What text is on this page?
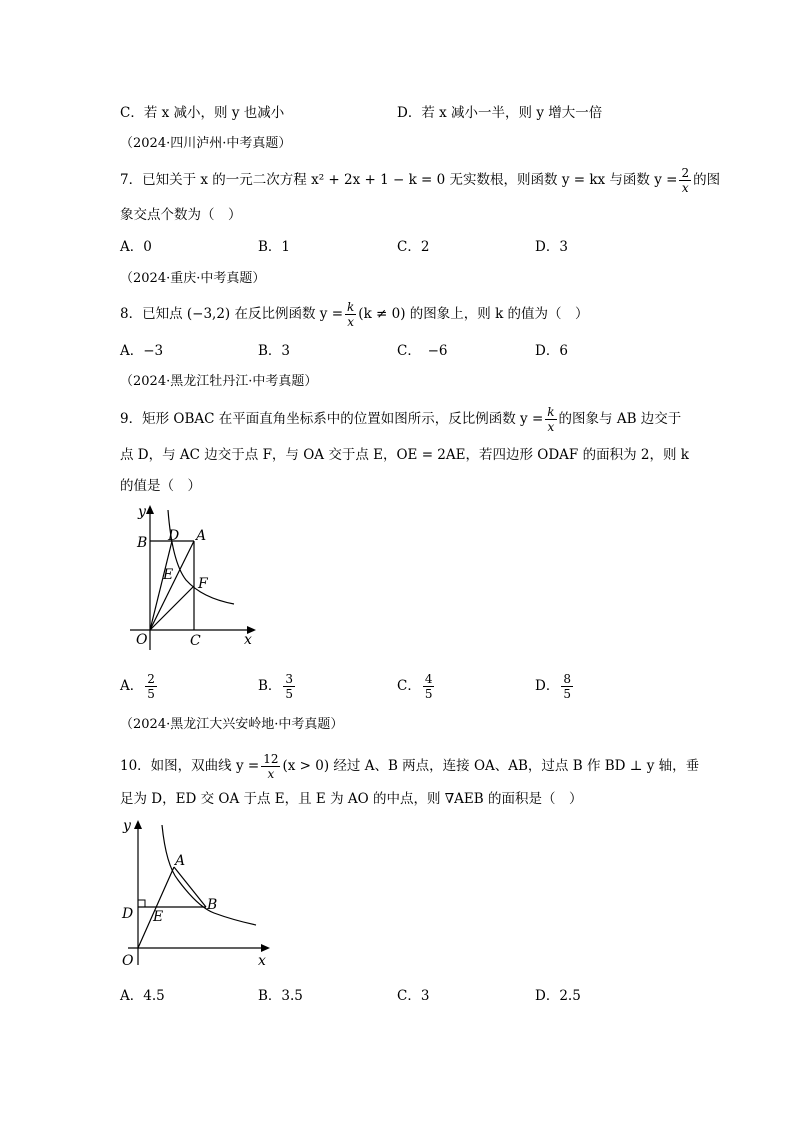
C．若 x 减小，则 y 也减小	D．若 x 减小一半，则 y 增大一倍
（2024·四川泸州·中考真题）
7．已知关于 x 的一元二次方程 x² + 2x + 1 − k = 0 无实数根，则函数 y = kx 与函数 $y = \frac{2}{x}$ 的图
象交点个数为（　）
A．0	B．1	C．2	D．3
（2024·重庆·中考真题）
8．已知点 (−3,2) 在反比例函数 $y = \frac{k}{x} (k \ne 0)$ 的图象上，则 k 的值为（　）
A．−3	B．3	C．　−6	D．6
（2024·黑龙江牡丹江·中考真题）
9．矩形 OBAC 在平面直角坐标系中的位置如图所示，反比例函数 $y = \frac{k}{x}$ 的图象与 AB 边交于
点 D，与 AC 边交于点 F，与 OA 交于点 E，OE = 2AE，若四边形 ODAF 的面积为 2，则 k
的值是（　）
y
B D A
E
F
O	C	x
A． $\frac{2}{5}$	B． $\frac{3}{5}$	C． $\frac{4}{5}$	D． $\frac{8}{5}$
（2024·黑龙江大兴安岭地·中考真题）
10．如图，双曲线 $y = \frac{12}{x} (x > 0)$ 经过 A、B 两点，连接 OA、AB，过点 B 作 BD ⊥ y 轴，垂
足为 D，ED 交 OA 于点 E，且 E 为 AO 的中点，则 ∇AEB 的面积是（　）
y
A
D E
B
O	x
A．4.5	B．3.5	C．3	D．2.5
